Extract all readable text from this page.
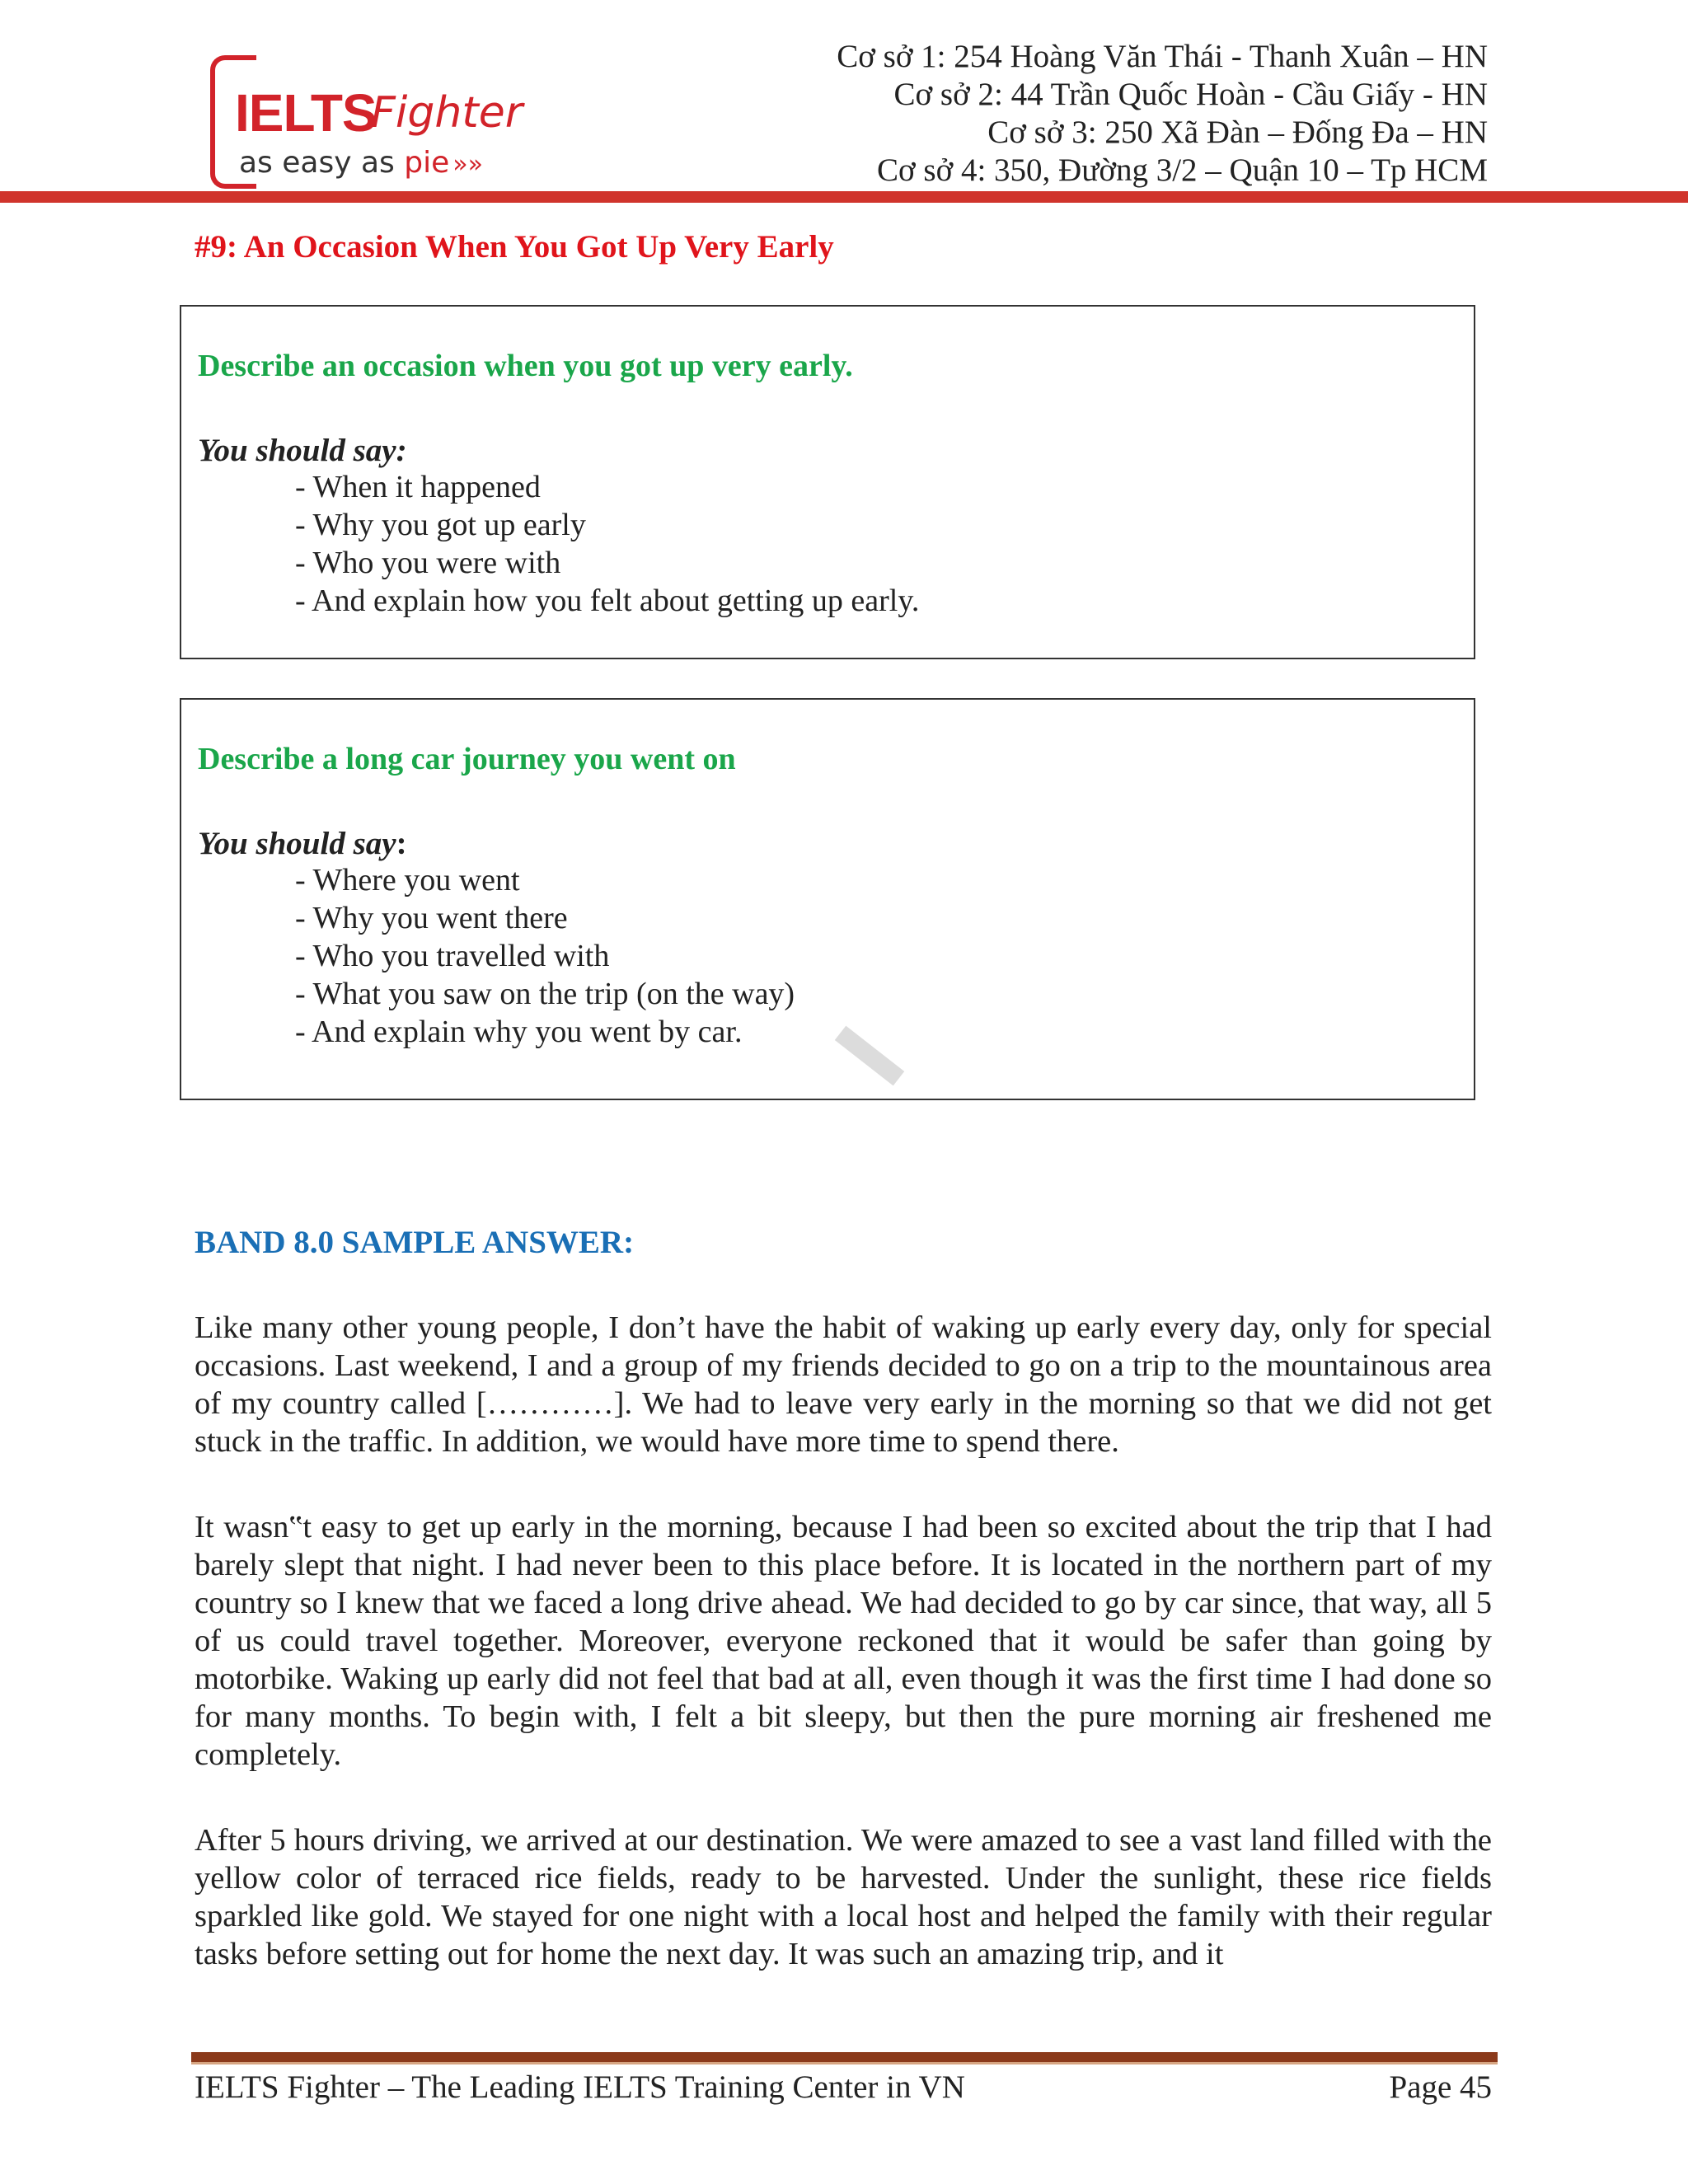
IELTS
Fighter
as easy as pie »»
Cơ sở 1: 254 Hoàng Văn Thái - Thanh Xuân – HN
Cơ sở 2: 44 Trần Quốc Hoàn - Cầu Giấy - HN
Cơ sở 3: 250 Xã Đàn – Đống Đa – HN
Cơ sở 4: 350, Đường 3/2 – Quận 10 – Tp HCM
#9: An Occasion When You Got Up Very Early
Describe an occasion when you got up very early.
You should say:
- When it happened
- Why you got up early
- Who you were with
- And explain how you felt about getting up early.
Describe a long car journey you went on
You should say:
- Where you went
- Why you went there
- Who you travelled with
- What you saw on the trip (on the way)
- And explain why you went by car.
BAND 8.0 SAMPLE ANSWER:

Like many other young people, I don’t have the habit of waking up early every day, only for special occasions. Last weekend, I and a group of my friends decided to go on a trip to the mountainous area of my country called […………]. We had to leave very early in the morning so that we did not get stuck in the traffic. In addition, we would have more time to spend there.

It wasn‟t easy to get up early in the morning, because I had been so excited about the trip that I had barely slept that night. I had never been to this place before. It is located in the northern part of my country so I knew that we faced a long drive ahead. We had decided to go by car since, that way, all 5 of us could travel together. Moreover, everyone reckoned that it would be safer than going by motorbike. Waking up early did not feel that bad at all, even though it was the first time I had done so for many months. To begin with, I felt a bit sleepy, but then the pure morning air freshened me completely.

After 5 hours driving, we arrived at our destination. We were amazed to see a vast land filled with the yellow color of terraced rice fields, ready to be harvested. Under the sunlight, these rice fields sparkled like gold. We stayed for one night with a local host and helped the family with their regular tasks before setting out for home the next day. It was such an amazing trip, and it

IELTS Fighter – The Leading IELTS Training Center in VN	Page 45
